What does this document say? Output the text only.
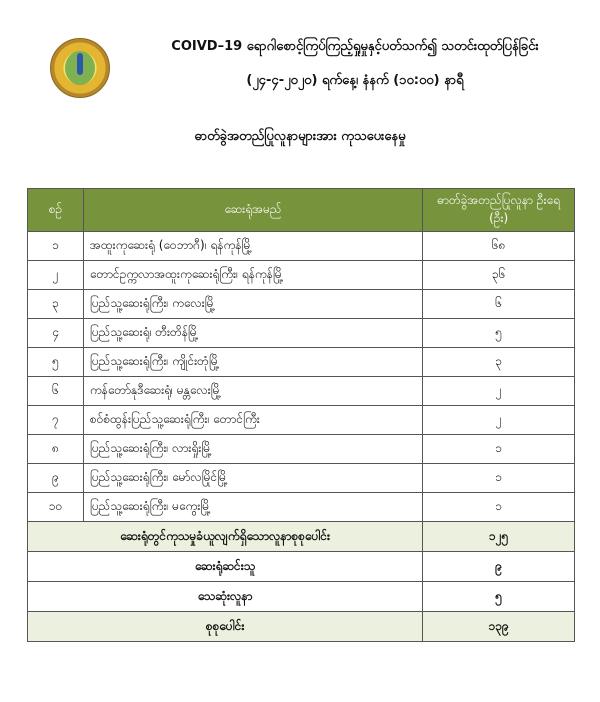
COIVD–19 ရောဂါစောင့်ကြပ်ကြည့်ရှုမှုနှင့်ပတ်သက်၍ သတင်းထုတ်ပြန်ခြင်း
(၂၄-၄-၂၀၂၀) ရက်နေ့၊ နံနက် (၁၀:၀၀) နာရီ
ဓာတ်ခွဲအတည်ပြုလူနာများအား ကုသပေးနေမှု
စဉ်	ဆေးရုံအမည်	ဓာတ်ခွဲအတည်ပြုလူနာ ဦးရေ (ဦး)
၁	အထူးကုဆေးရုံ (ဝေဘာဂီ)၊ ရန်ကုန်မြို့	၆၈
၂	တောင်ဥက္ကလာအထူးကုဆေးရုံကြီး၊ ရန်ကုန်မြို့	၃၆
၃	ပြည်သူ့ဆေးရုံကြီး၊ ကလေးမြို့	၆
၄	ပြည်သူ့ဆေးရုံ၊ တီးတိန်မြို့	၅
၅	ပြည်သူ့ဆေးရုံကြီး၊ ကျိုင်းတုံမြို့	၃
၆	ကန်တော်နုဒီဆေးရုံ၊ မန္တလေးမြို့	၂
၇	စဝ်စံထွန်းပြည်သူ့ဆေးရုံကြီး၊ တောင်ကြီး	၂
၈	ပြည်သူ့ဆေးရုံကြီး၊ လားရှိုးမြို့	၁
၉	ပြည်သူ့ဆေးရုံကြီး၊ မော်လမြိုင်မြို့	၁
၁၀	ပြည်သူ့ဆေးရုံကြီး၊ မကွေးမြို့	၁
ဆေးရုံတွင်ကုသမှုခံယူလျက်ရှိသောလူနာစုစုပေါင်း		၁၂၅
ဆေးရုံဆင်းသူ		၉
သေဆုံးလူနာ		၅
စုစုပေါင်း		၁၃၉
